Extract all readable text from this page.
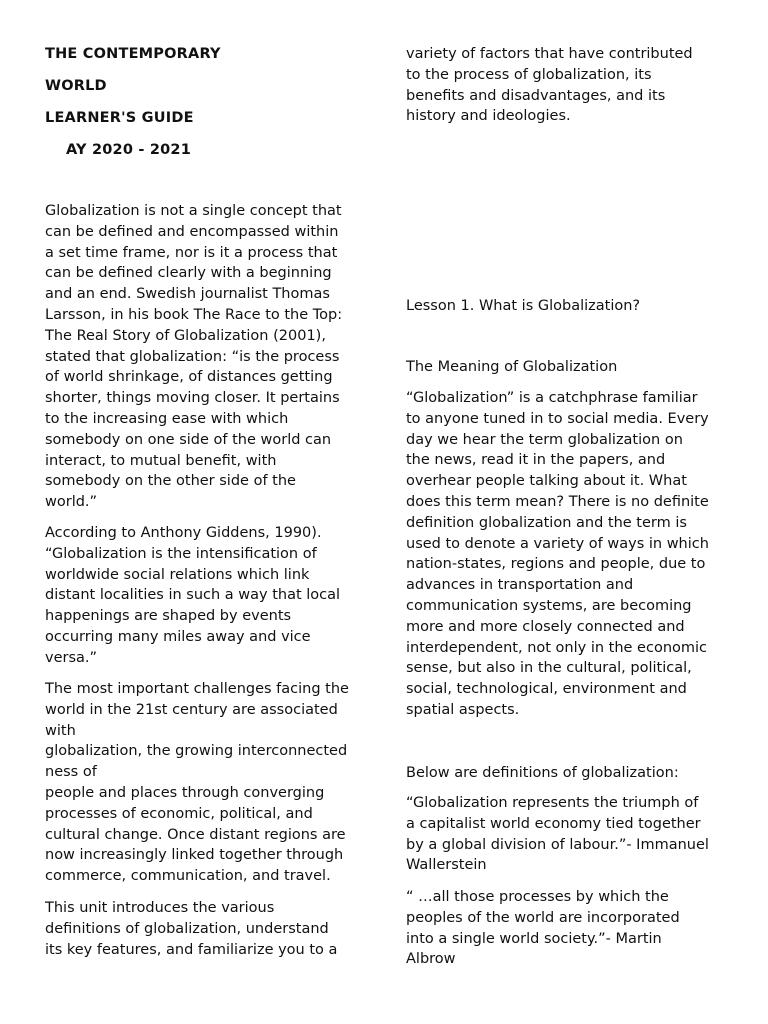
THE CONTEMPORARY
WORLD
LEARNER'S GUIDE
AY 2020 - 2021

Globalization is not a single concept that
can be defined and encompassed within
a set time frame, nor is it a process that
can be defined clearly with a beginning
and an end. Swedish journalist Thomas
Larsson, in his book The Race to the Top:
The Real Story of Globalization (2001),
stated that globalization: “is the process
of world shrinkage, of distances getting
shorter, things moving closer. It pertains
to the increasing ease with which
somebody on one side of the world can
interact, to mutual benefit, with
somebody on the other side of the
world.”

According to Anthony Giddens, 1990).
“Globalization is the intensification of
worldwide social relations which link
distant localities in such a way that local
happenings are shaped by events
occurring many miles away and vice
versa.”

The most important challenges facing the
world in the 21st century are associated
with
globalization, the growing interconnected
ness of
people and places through converging
processes of economic, political, and
cultural change. Once distant regions are
now increasingly linked together through
commerce, communication, and travel.

This unit introduces the various
definitions of globalization, understand
its key features, and familiarize you to a

variety of factors that have contributed
to the process of globalization, its
benefits and disadvantages, and its
history and ideologies.

Lesson 1. What is Globalization?

The Meaning of Globalization

“Globalization” is a catchphrase familiar
to anyone tuned in to social media. Every
day we hear the term globalization on
the news, read it in the papers, and
overhear people talking about it. What
does this term mean? There is no definite
definition globalization and the term is
used to denote a variety of ways in which
nation-states, regions and people, due to
advances in transportation and
communication systems, are becoming
more and more closely connected and
interdependent, not only in the economic
sense, but also in the cultural, political,
social, technological, environment and
spatial aspects.

Below are definitions of globalization:

“Globalization represents the triumph of
a capitalist world economy tied together
by a global division of labour.”- Immanuel
Wallerstein

“ …all those processes by which the
peoples of the world are incorporated
into a single world society.”- Martin
Albrow
